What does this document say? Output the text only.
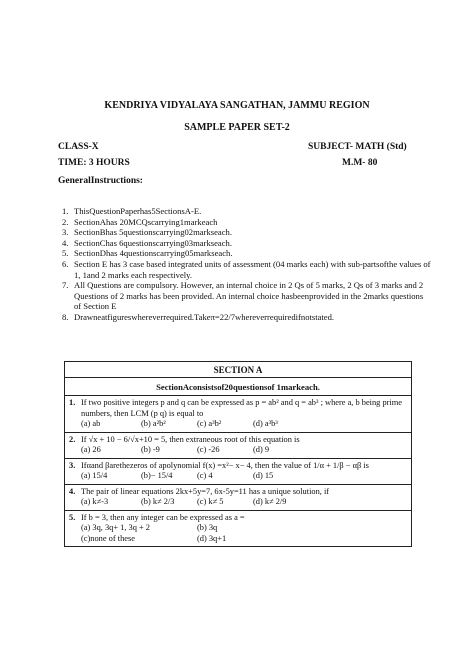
KENDRIYA VIDYALAYA SANGATHAN, JAMMU REGION
SAMPLE PAPER SET-2
CLASS-X	SUBJECT- MATH (Std)
TIME: 3 HOURS	M.M- 80
GeneralInstructions:
1. ThisQuestionPaperhas5SectionsA-E.
2. SectionAhas 20MCQscarrying1markeach
3. SectionBhas 5questionscarrying02markseach.
4. SectionChas 6questionscarrying03markseach.
5. SectionDhas 4questionscarrying05markseach.
6. Section E has 3 case based integrated units of assessment (04 marks each) with sub-partsofthe values of 1, 1and 2 marks each respectively.
7. All Questions are compulsory. However, an internal choice in 2 Qs of 5 marks, 2 Qs of 3 marks and 2 Questions of 2 marks has been provided. An internal choice hasbeenprovided in the 2marks questions of Section E
8. Drawneatfigureswhereverrequired.Takeπ=22/7whereverrequiredifnotstated.
SECTION A
SectionAconsistsof20questionsof 1markeach.
1. If two positive integers p and q can be expressed as p = ab² and q = ab³ ; where a, b being prime numbers, then LCM (p q) is equal to
(a) ab	(b) a²b²	(c) a³b²	(d) a³b³
2. If √x + 10 − 6/√x+10 = 5, then extraneous root of this equation is
(a) 26	(b) -9	(c) -26	(d) 9
3. Ifαand βarethezeros of apolynomial f(x) =x²− x− 4, then the value of 1/α + 1/β − αβ is
(a) 15/4	(b)− 15/4	(c) 4	(d) 15
4. The pair of linear equations 2kx+5y=7, 6x-5y=11 has a unique solution, if
(a) k≠-3	(b) k≠ 2/3	(c) k≠ 5	(d) k≠ 2/9
5. If b = 3, then any integer can be expressed as a =
(a) 3q, 3q+ 1, 3q + 2	(b) 3q
(c)none of these	(d) 3q+1
